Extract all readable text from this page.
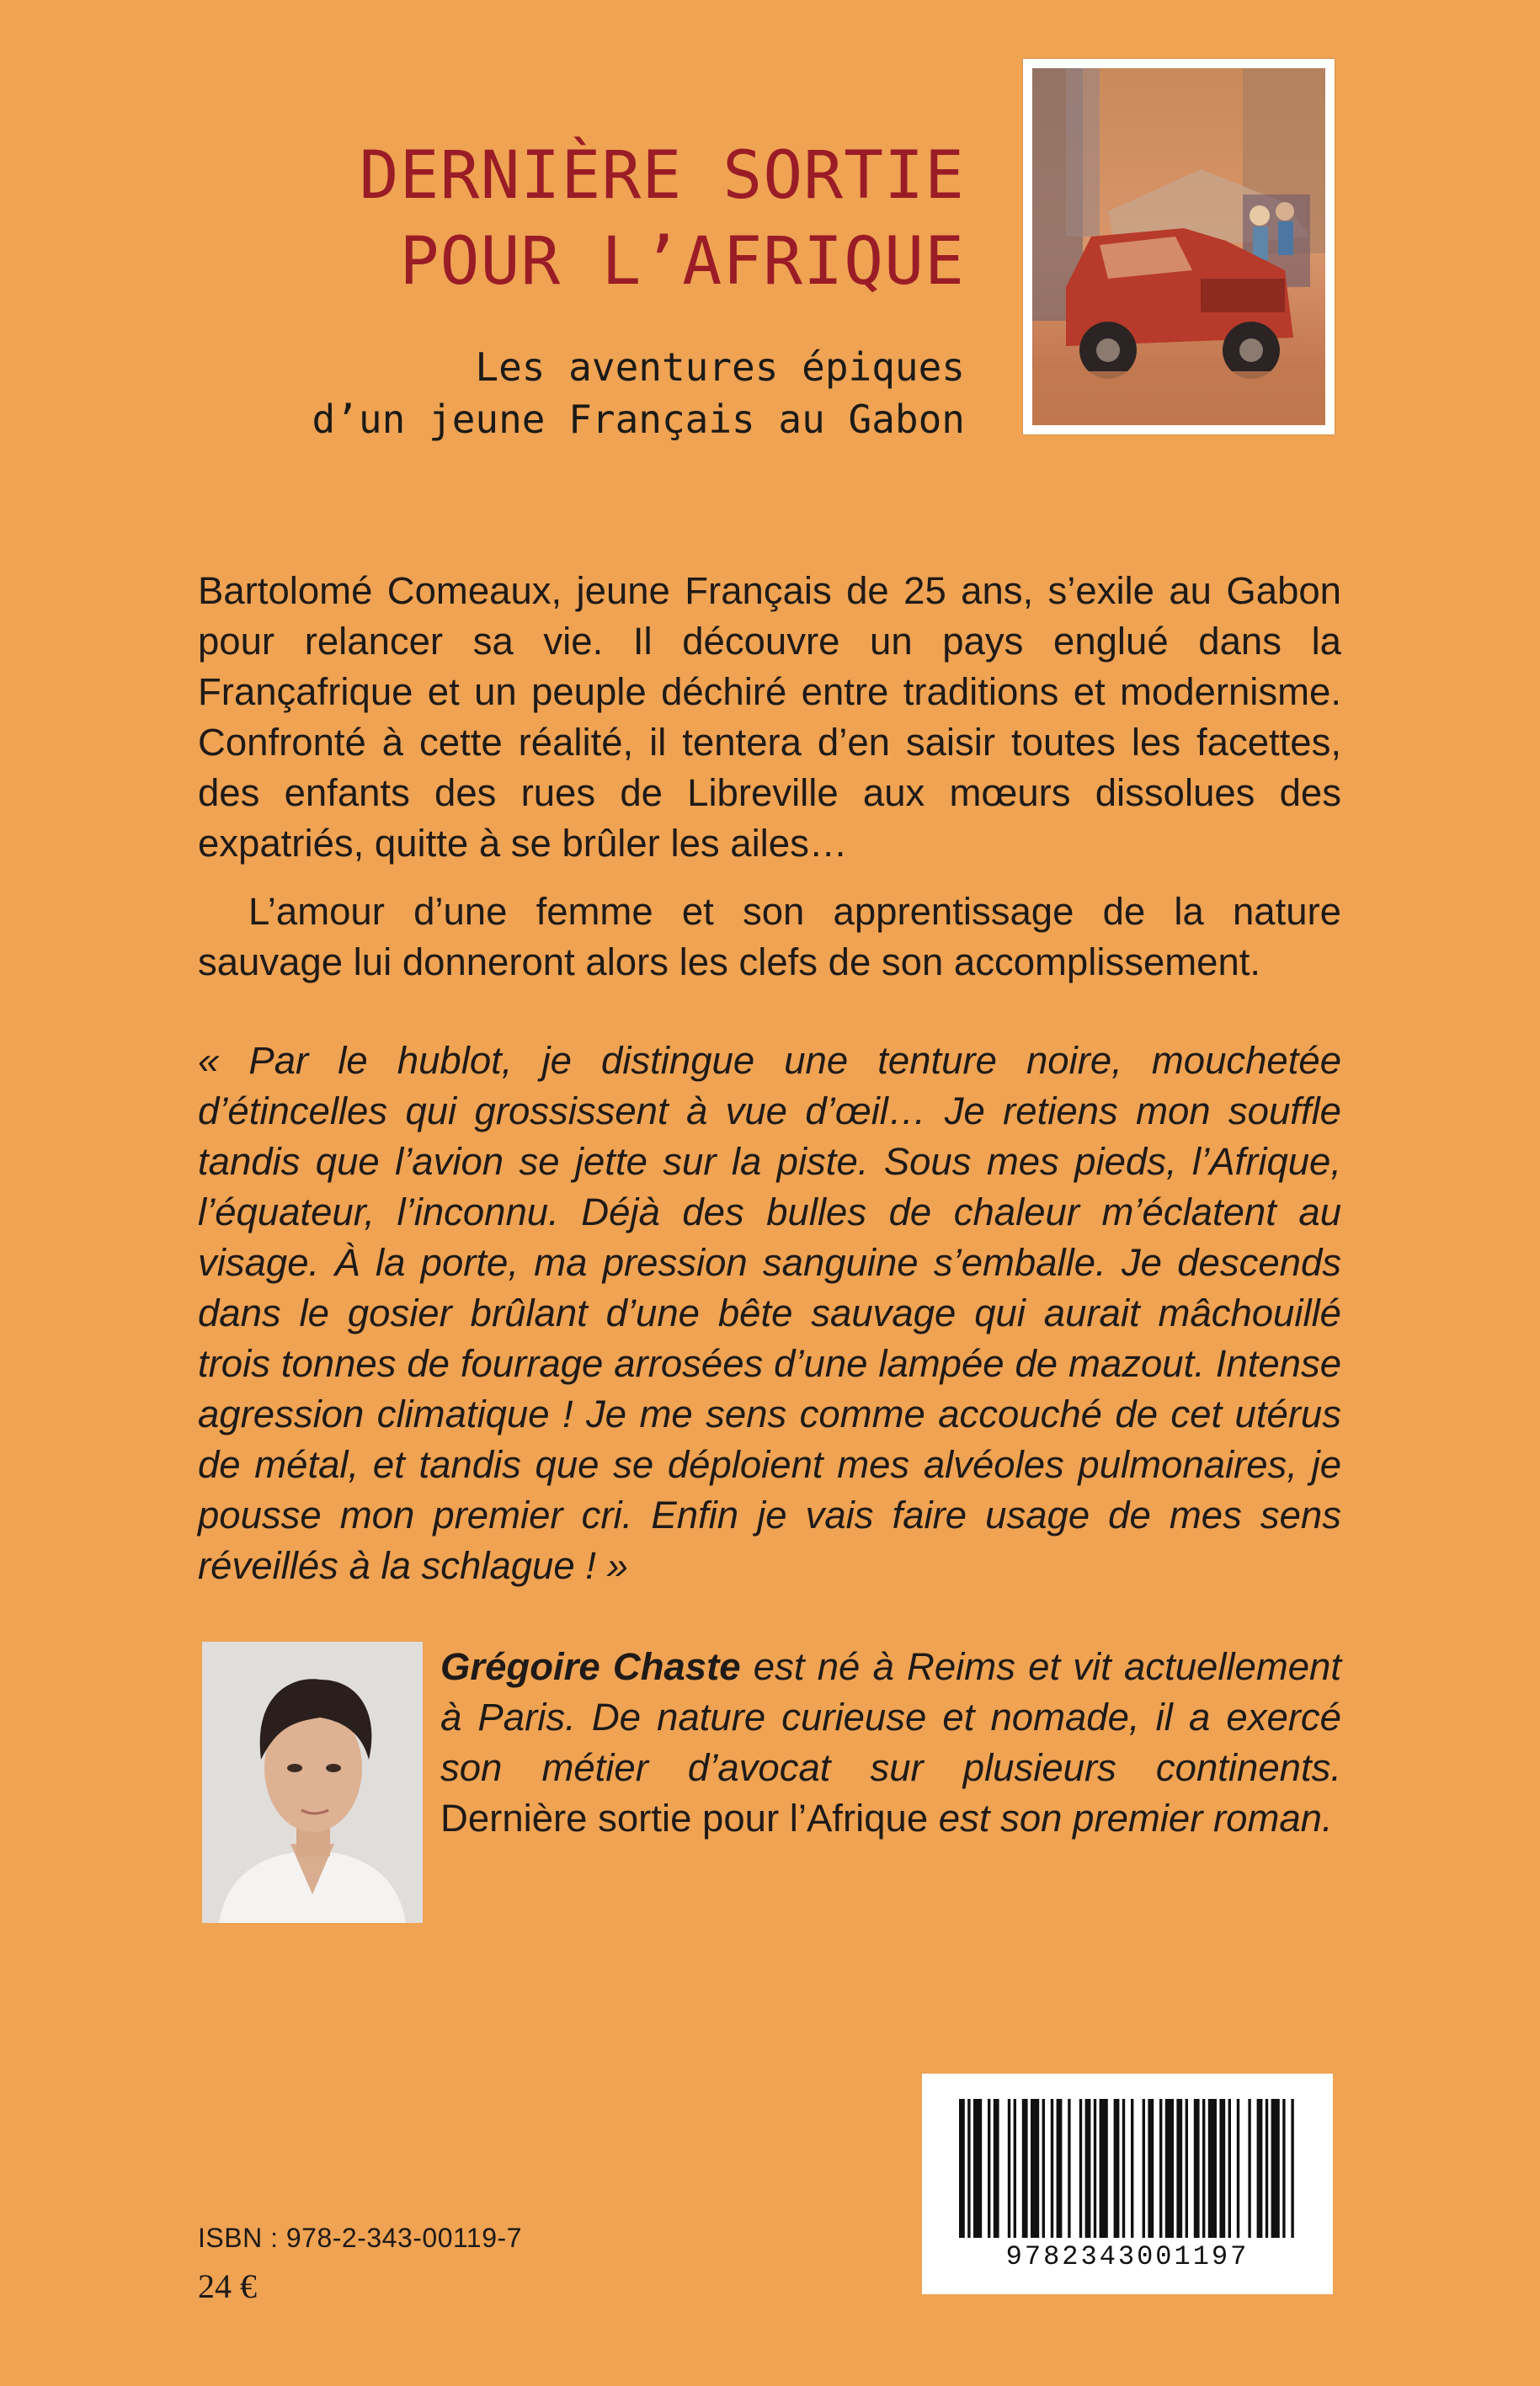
DERNIÈRE SORTIE
POUR L’AFRIQUE
Les aventures épiques
d’un jeune Français au Gabon

Bartolomé Comeaux, jeune Français de 25 ans, s’exile au Gabon pour relancer sa vie. Il découvre un pays englué dans la Françafrique et un peuple déchiré entre traditions et modernisme. Confronté à cette réalité, il tentera d’en saisir toutes les facettes, des enfants des rues de Libreville aux mœurs dissolues des expatriés, quitte à se brûler les ailes…

L’amour d’une femme et son apprentissage de la nature sauvage lui donneront alors les clefs de son accomplissement.

« Par le hublot, je distingue une tenture noire, mouchetée d’étincelles qui grossissent à vue d’œil… Je retiens mon souffle tandis que l’avion se jette sur la piste. Sous mes pieds, l’Afrique, l’équateur, l’inconnu. Déjà des bulles de chaleur m’éclatent au visage. À la porte, ma pression sanguine s’emballe. Je descends dans le gosier brûlant d’une bête sauvage qui aurait mâchouillé trois tonnes de fourrage arrosées d’une lampée de mazout. Intense agression climatique ! Je me sens comme accouché de cet utérus de métal, et tandis que se déploient mes alvéoles pulmonaires, je pousse mon premier cri. Enfin je vais faire usage de mes sens réveillés à la schlague ! »

Grégoire Chaste est né à Reims et vit actuellement à Paris. De nature curieuse et nomade, il a exercé son métier d’avocat sur plusieurs continents. Dernière sortie pour l’Afrique est son premier roman.

9782343001197
ISBN : 978-2-343-00119-7
24 €
